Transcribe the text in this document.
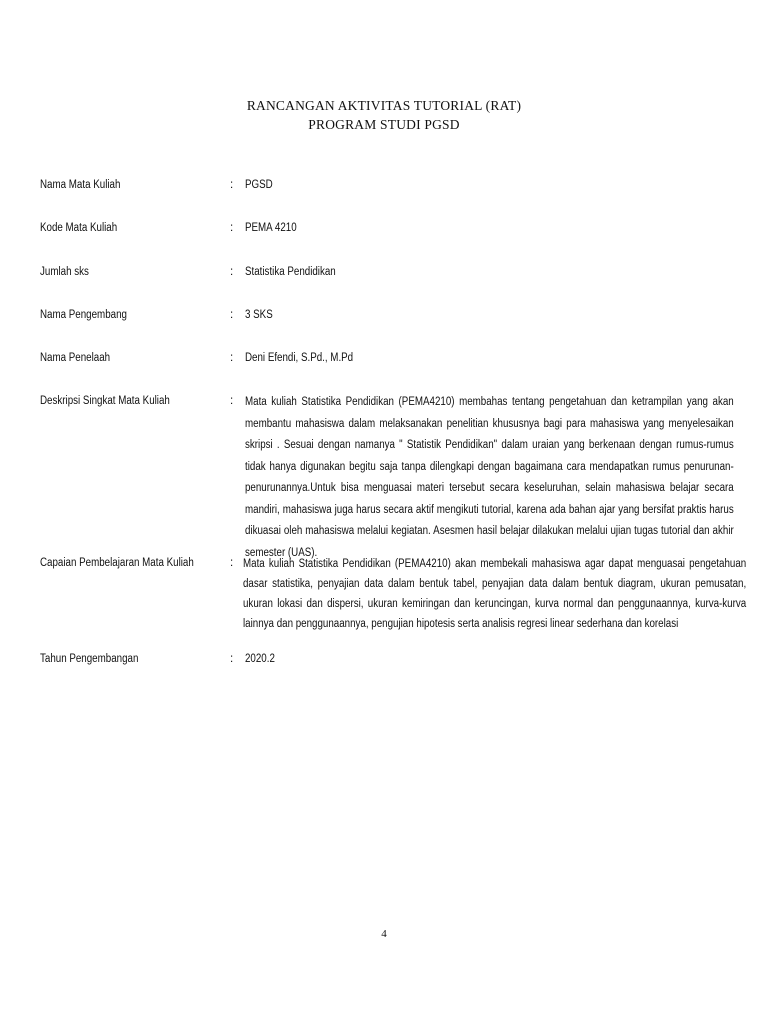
RANCANGAN AKTIVITAS TUTORIAL (RAT)
PROGRAM STUDI PGSD
Nama Mata Kuliah	:	PGSD
Kode Mata Kuliah	:	PEMA 4210
Jumlah sks	:	Statistika Pendidikan
Nama Pengembang	:	3 SKS
Nama Penelaah	:	Deni Efendi, S.Pd., M.Pd
Deskripsi Singkat Mata Kuliah	:	Mata kuliah Statistika Pendidikan (PEMA4210) membahas tentang pengetahuan dan ketrampilan yang akan membantu mahasiswa dalam melaksanakan penelitian khususnya bagi para mahasiswa yang menyelesaikan skripsi . Sesuai dengan namanya " Statistik Pendidikan" dalam uraian yang berkenaan dengan rumus-rumus tidak hanya digunakan begitu saja tanpa dilengkapi dengan bagaimana cara mendapatkan rumus penurunan-penurunannya.Untuk bisa menguasai materi tersebut secara keseluruhan, selain mahasiswa belajar secara mandiri, mahasiswa juga harus secara aktif mengikuti tutorial, karena ada bahan ajar yang bersifat praktis harus dikuasai oleh mahasiswa melalui kegiatan. Asesmen hasil belajar dilakukan melalui ujian tugas tutorial dan akhir semester (UAS).
Capaian Pembelajaran Mata Kuliah	: Mata kuliah Statistika Pendidikan (PEMA4210) akan membekali mahasiswa agar dapat menguasai pengetahuan dasar statistika, penyajian data dalam bentuk tabel, penyajian data dalam bentuk diagram, ukuran pemusatan, ukuran lokasi dan dispersi, ukuran kemiringan dan keruncingan, kurva normal dan penggunaannya, kurva-kurva lainnya dan penggunaannya, pengujian hipotesis serta analisis regresi linear sederhana dan korelasi
Tahun Pengembangan	:	2020.2
4
